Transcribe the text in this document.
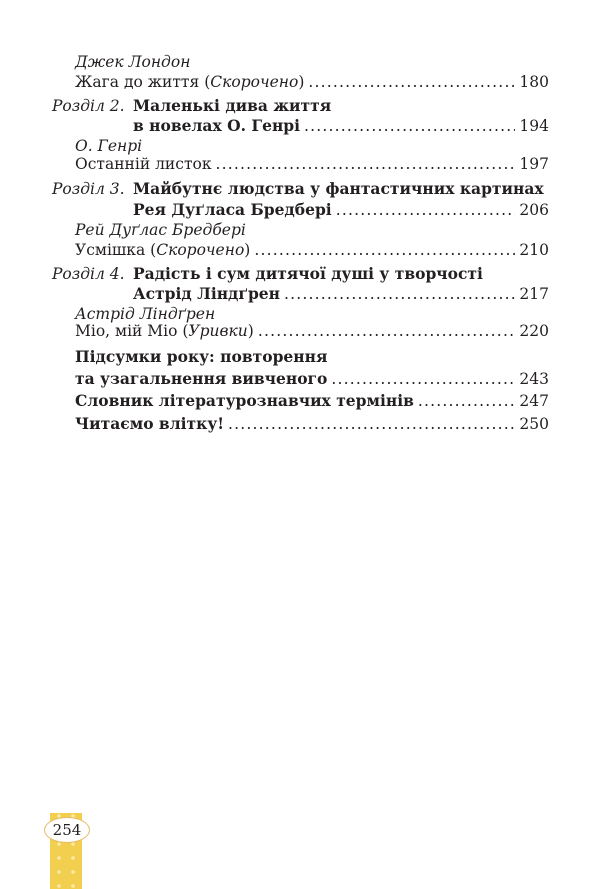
Джек Лондон
Жага до життя ( Скорочено ) .....	180
Розділ 2. Маленькі дива життя
в новелах О. Генрі .....	194
О. Генрі
Останній листок .....	197
Розділ 3. Майбутнє людства у фантастичних картинах
Рея Дуґласа Бредбері .....	206
Рей Дуґлас Бредбері
Усмішка ( Скорочено ) .....	210
Розділ 4. Радість і сум дитячої душі у творчості
Астрід Ліндґрен .....	217
Астрід Ліндґрен
Міо, мій Міо ( Уривки ) .....	220
Підсумки року: повторення
та узагальнення вивченого .....	243
Словник літературознавчих термінів .....	247
Читаємо влітку! .....	250
254
